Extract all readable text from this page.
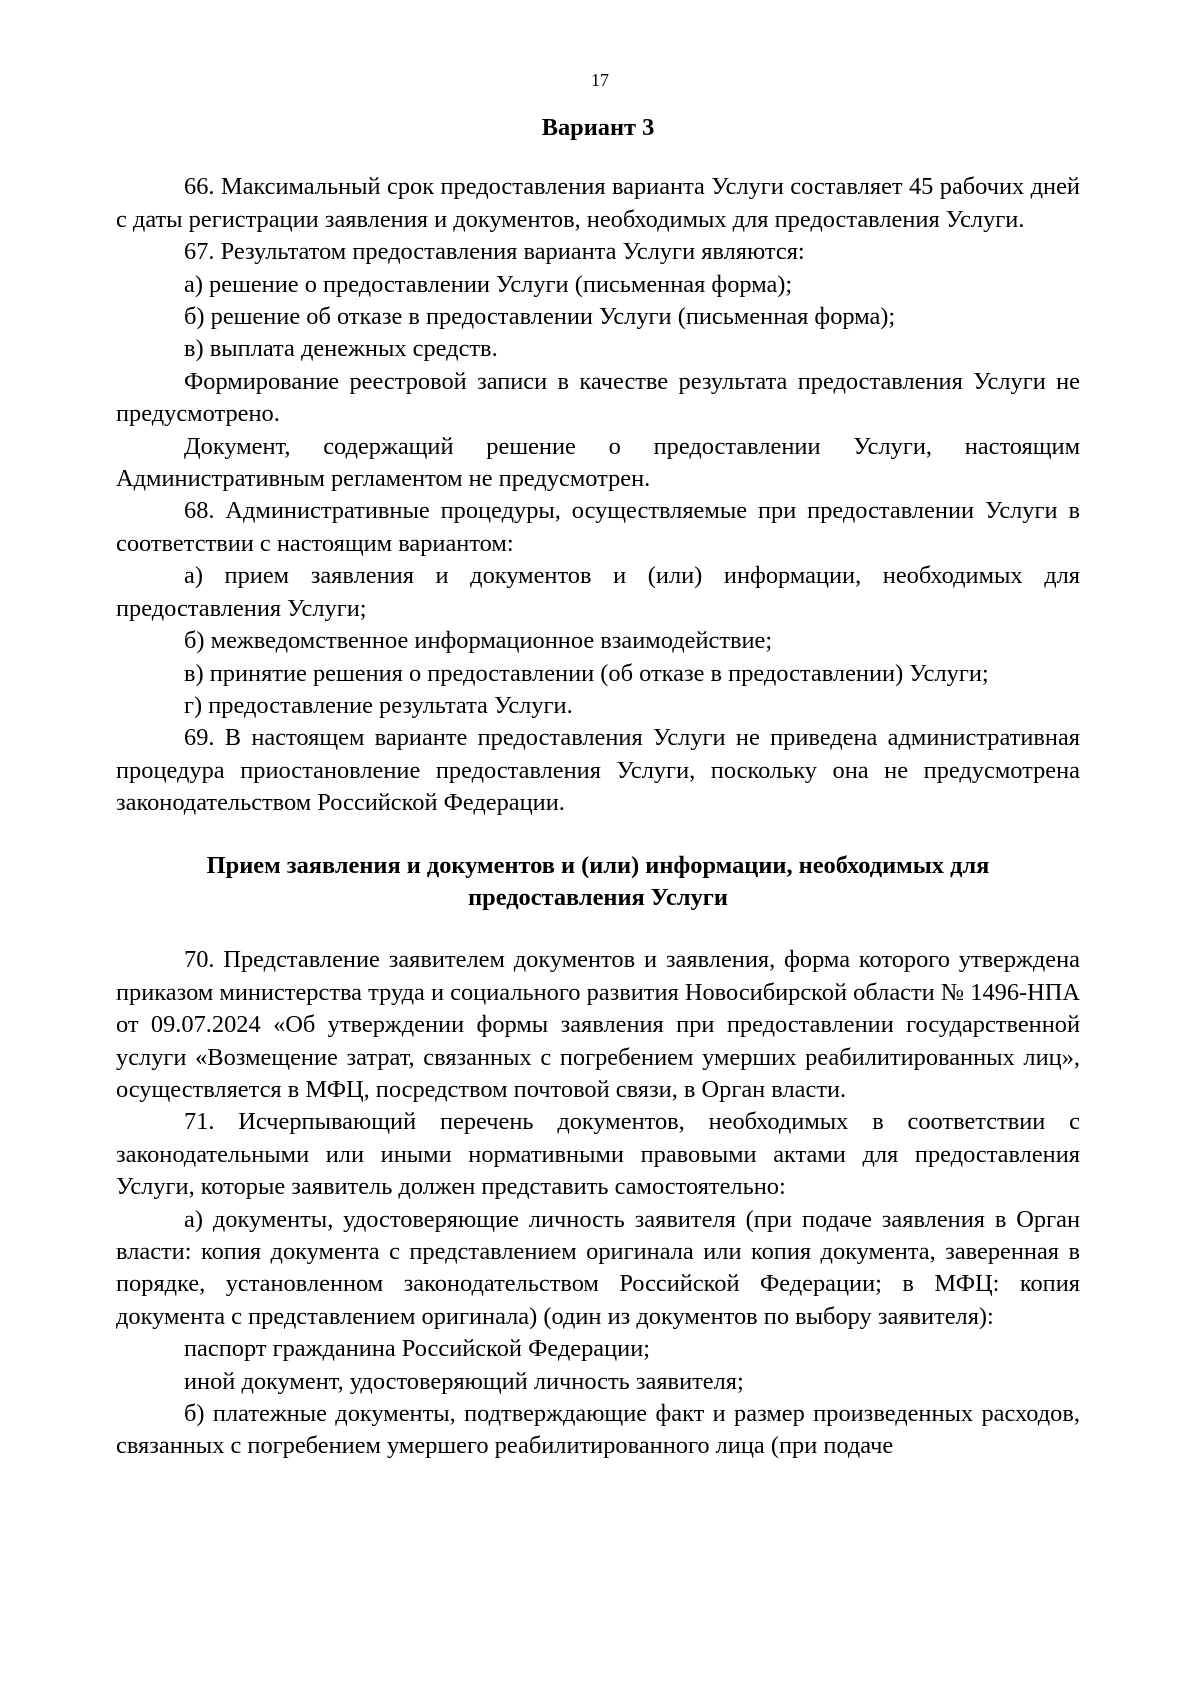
17

Вариант 3

66. Максимальный срок предоставления варианта Услуги составляет 45 рабочих дней с даты регистрации заявления и документов, необходимых для предоставления Услуги.

67. Результатом предоставления варианта Услуги являются:

а) решение о предоставлении Услуги (письменная форма);

б) решение об отказе в предоставлении Услуги (письменная форма);

в) выплата денежных средств.

Формирование реестровой записи в качестве результата предоставления Услуги не предусмотрено.

Документ, содержащий решение о предоставлении Услуги, настоящим Административным регламентом не предусмотрен.

68. Административные процедуры, осуществляемые при предоставлении Услуги в соответствии с настоящим вариантом:

а) прием заявления и документов и (или) информации, необходимых для предоставления Услуги;

б) межведомственное информационное взаимодействие;

в) принятие решения о предоставлении (об отказе в предоставлении) Услуги;

г) предоставление результата Услуги.

69. В настоящем варианте предоставления Услуги не приведена административная процедура приостановление предоставления Услуги, поскольку она не предусмотрена законодательством Российской Федерации.

Прием заявления и документов и (или) информации, необходимых для предоставления Услуги

70. Представление заявителем документов и заявления, форма которого утверждена приказом министерства труда и социального развития Новосибирской области № 1496-НПА от 09.07.2024 «Об утверждении формы заявления при предоставлении государственной услуги «Возмещение затрат, связанных с погребением умерших реабилитированных лиц», осуществляется в МФЦ, посредством почтовой связи, в Орган власти.

71. Исчерпывающий перечень документов, необходимых в соответствии с законодательными или иными нормативными правовыми актами для предоставления Услуги, которые заявитель должен представить самостоятельно:

а) документы, удостоверяющие личность заявителя (при подаче заявления в Орган власти: копия документа с представлением оригинала или копия документа, заверенная в порядке, установленном законодательством Российской Федерации; в МФЦ: копия документа с представлением оригинала) (один из документов по выбору заявителя):

паспорт гражданина Российской Федерации;

иной документ, удостоверяющий личность заявителя;

б) платежные документы, подтверждающие факт и размер произведенных расходов, связанных с погребением умершего реабилитированного лица (при подаче
